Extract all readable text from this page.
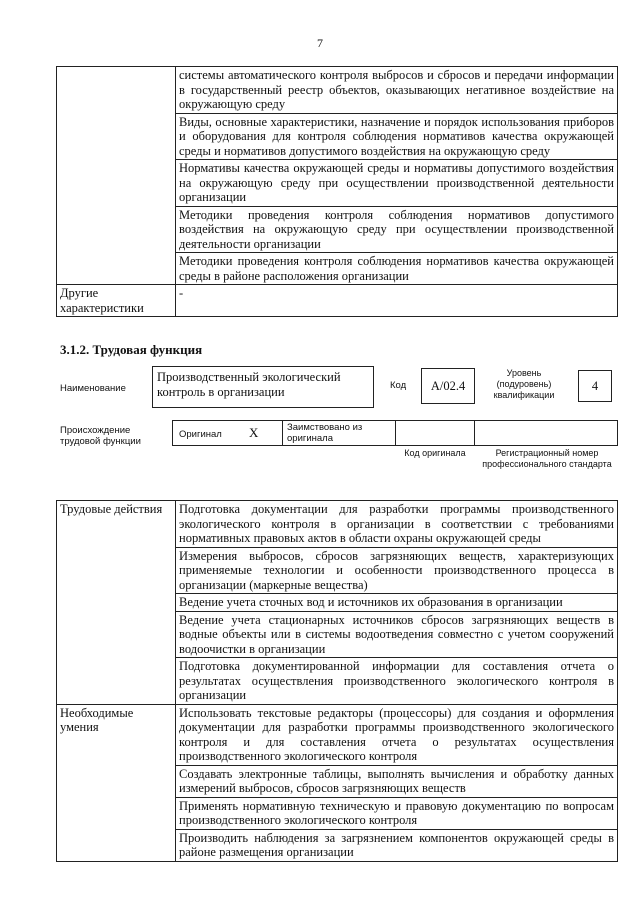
7
	системы автоматического контроля выбросов и сбросов и передачи информации в государственный реестр объектов, оказывающих негативное воздействие на окружающую среду
	Виды, основные характеристики, назначение и порядок использования приборов и оборудования для контроля соблюдения нормативов качества окружающей среды и нормативов допустимого воздействия на окружающую среду
	Нормативы качества окружающей среды и нормативы допустимого воздействия на окружающую среду при осуществлении производственной деятельности организации
	Методики проведения контроля соблюдения нормативов допустимого воздействия на окружающую среду при осуществлении производственной деятельности организации
	Методики проведения контроля соблюдения нормативов качества окружающей среды в районе расположения организации
Другие характеристики	-
3.1.2. Трудовая функция
Наименование
Производственный экологический контроль в организации	Код	А/02.4
Уровень (подуровень) квалификации
4
Происхождение трудовой функции
Оригинал X	Заимствовано из оригинала
Код оригинала	Регистрационный номер профессионального стандарта
Трудовые действия	Подготовка документации для разработки программы производственного экологического контроля в организации в соответствии с требованиями нормативных правовых актов в области охраны окружающей среды
	Измерения выбросов, сбросов загрязняющих веществ, характеризующих применяемые технологии и особенности производственного процесса в организации (маркерные вещества)
	Ведение учета сточных вод и источников их образования в организации
	Ведение учета стационарных источников сбросов загрязняющих веществ в водные объекты или в системы водоотведения совместно с учетом сооружений водоочистки в организации
	Подготовка документированной информации для составления отчета о результатах осуществления производственного экологического контроля в организации
Необходимые умения	Использовать текстовые редакторы (процессоры) для создания и оформления документации для разработки программы производственного экологического контроля и для составления отчета о результатах осуществления производственного экологического контроля
	Создавать электронные таблицы, выполнять вычисления и обработку данных измерений выбросов, сбросов загрязняющих веществ
	Применять нормативную техническую и правовую документацию по вопросам производственного экологического контроля
	Производить наблюдения за загрязнением компонентов окружающей среды в районе размещения организации
